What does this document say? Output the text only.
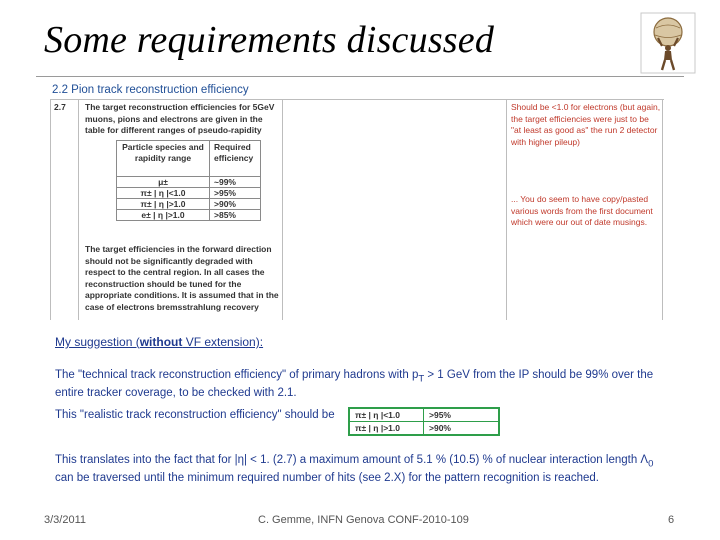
Some requirements discussed
2.2 Pion track reconstruction efficiency
2.7 The target reconstruction efficiencies for 5GeV muons, pions and electrons are given in the table for different ranges of pseudo-rapidity
Particle species and rapidity range	Required efficiency
μ±	~99%
π± | η |<1.0	>95%
π± | η |>1.0	>90%
e± | η |>1.0	>85%
The target efficiencies in the forward direction should not be significantly degraded with respect to the central region. In all cases the reconstruction should be tuned for the appropriate conditions. It is assumed that in the case of electrons bremsstrahlung recovery
Should be <1.0 for electrons (but again, the target efficiencies were just to be "at least as good as" the run 2 detector with higher pileup)
... You do seem to have copy/pasted various words from the first document which were our out of date musings.
My suggestion (without VF extension):
The "technical track reconstruction efficiency" of primary hadrons with $p_T > 1$ GeV from the IP should be 99% over the entire tracker coverage, to be checked with 2.1.
This "realistic track reconstruction efficiency" should be π± | η |<1.0	>95%
π± | η |>1.0	>90%
This translates into the fact that for |η| < 1. (2.7) a maximum amount of 5.1 % (10.5) % of nuclear interaction length $\Lambda_0$ can be traversed until the minimum required number of hits (see 2.X) for the pattern recognition is reached.
3/3/2011	C. Gemme, INFN Genova CONF-2010-109	6
